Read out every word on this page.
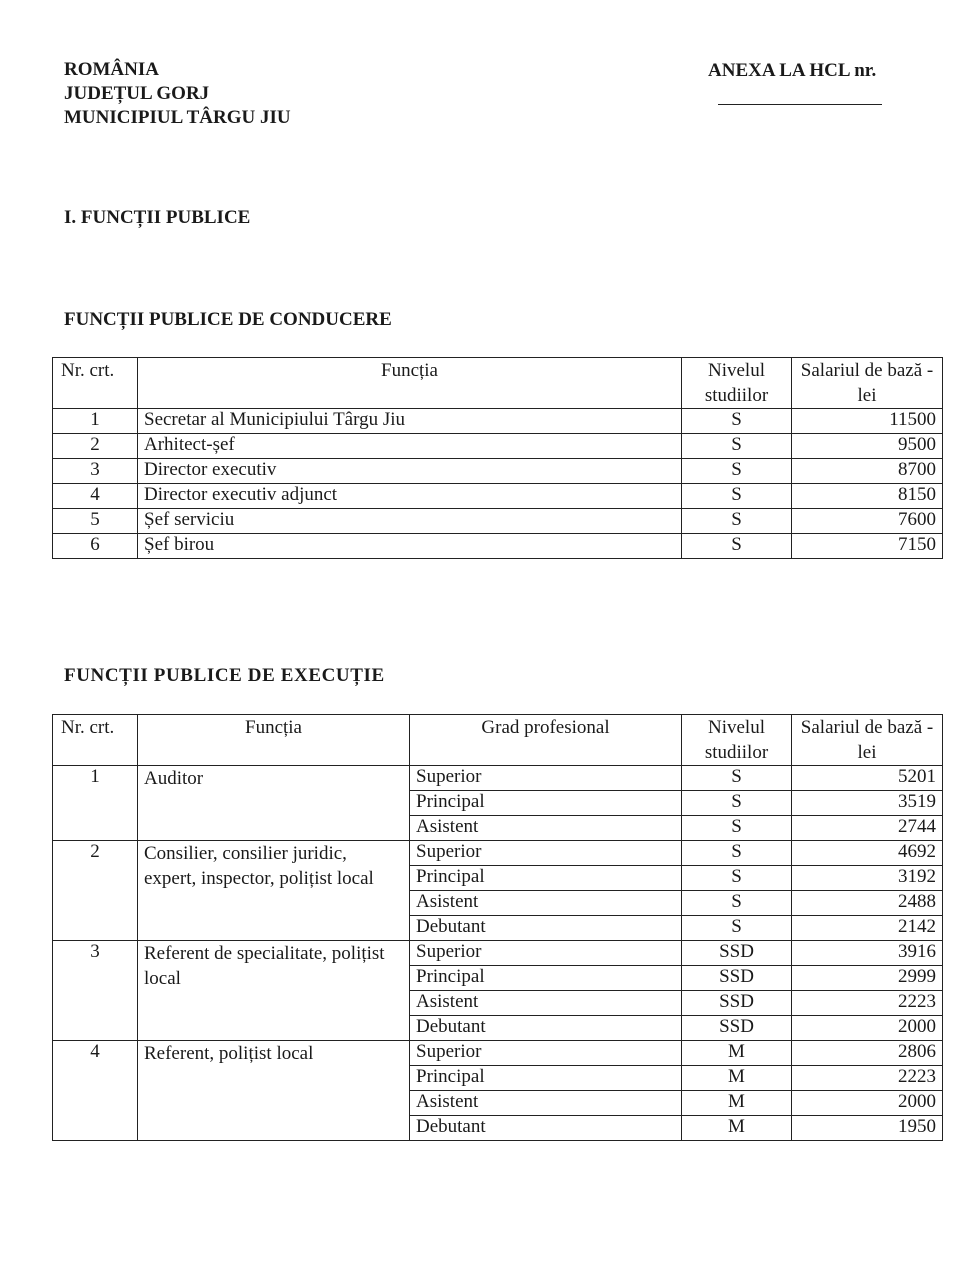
ROMÂNIA
JUDEȚUL GORJ
MUNICIPIUL TÂRGU JIU
ANEXA LA HCL nr.
I. FUNCȚII PUBLICE
FUNCȚII PUBLICE DE CONDUCERE
Nr. crt.	Funcția	Nivelul studiilor	Salariul de bază - lei
1	Secretar al Municipiului Târgu Jiu	S	11500
2	Arhitect-șef	S	9500
3	Director executiv	S	8700
4	Director executiv adjunct	S	8150
5	Șef serviciu	S	7600
6	Șef birou	S	7150
FUNCȚII PUBLICE DE EXECUȚIE
Nr. crt.	Funcția	Grad profesional	Nivelul studiilor	Salariul de bază - lei
1	Auditor	Superior	S	5201
		Principal	S	3519
		Asistent	S	2744
2	Consilier, consilier juridic, expert, inspector, polițist local	Superior	S	4692
		Principal	S	3192
		Asistent	S	2488
		Debutant	S	2142
3	Referent de specialitate, polițist local	Superior	SSD	3916
		Principal	SSD	2999
		Asistent	SSD	2223
		Debutant	SSD	2000
4	Referent, polițist local	Superior	M	2806
		Principal	M	2223
		Asistent	M	2000
		Debutant	M	1950
